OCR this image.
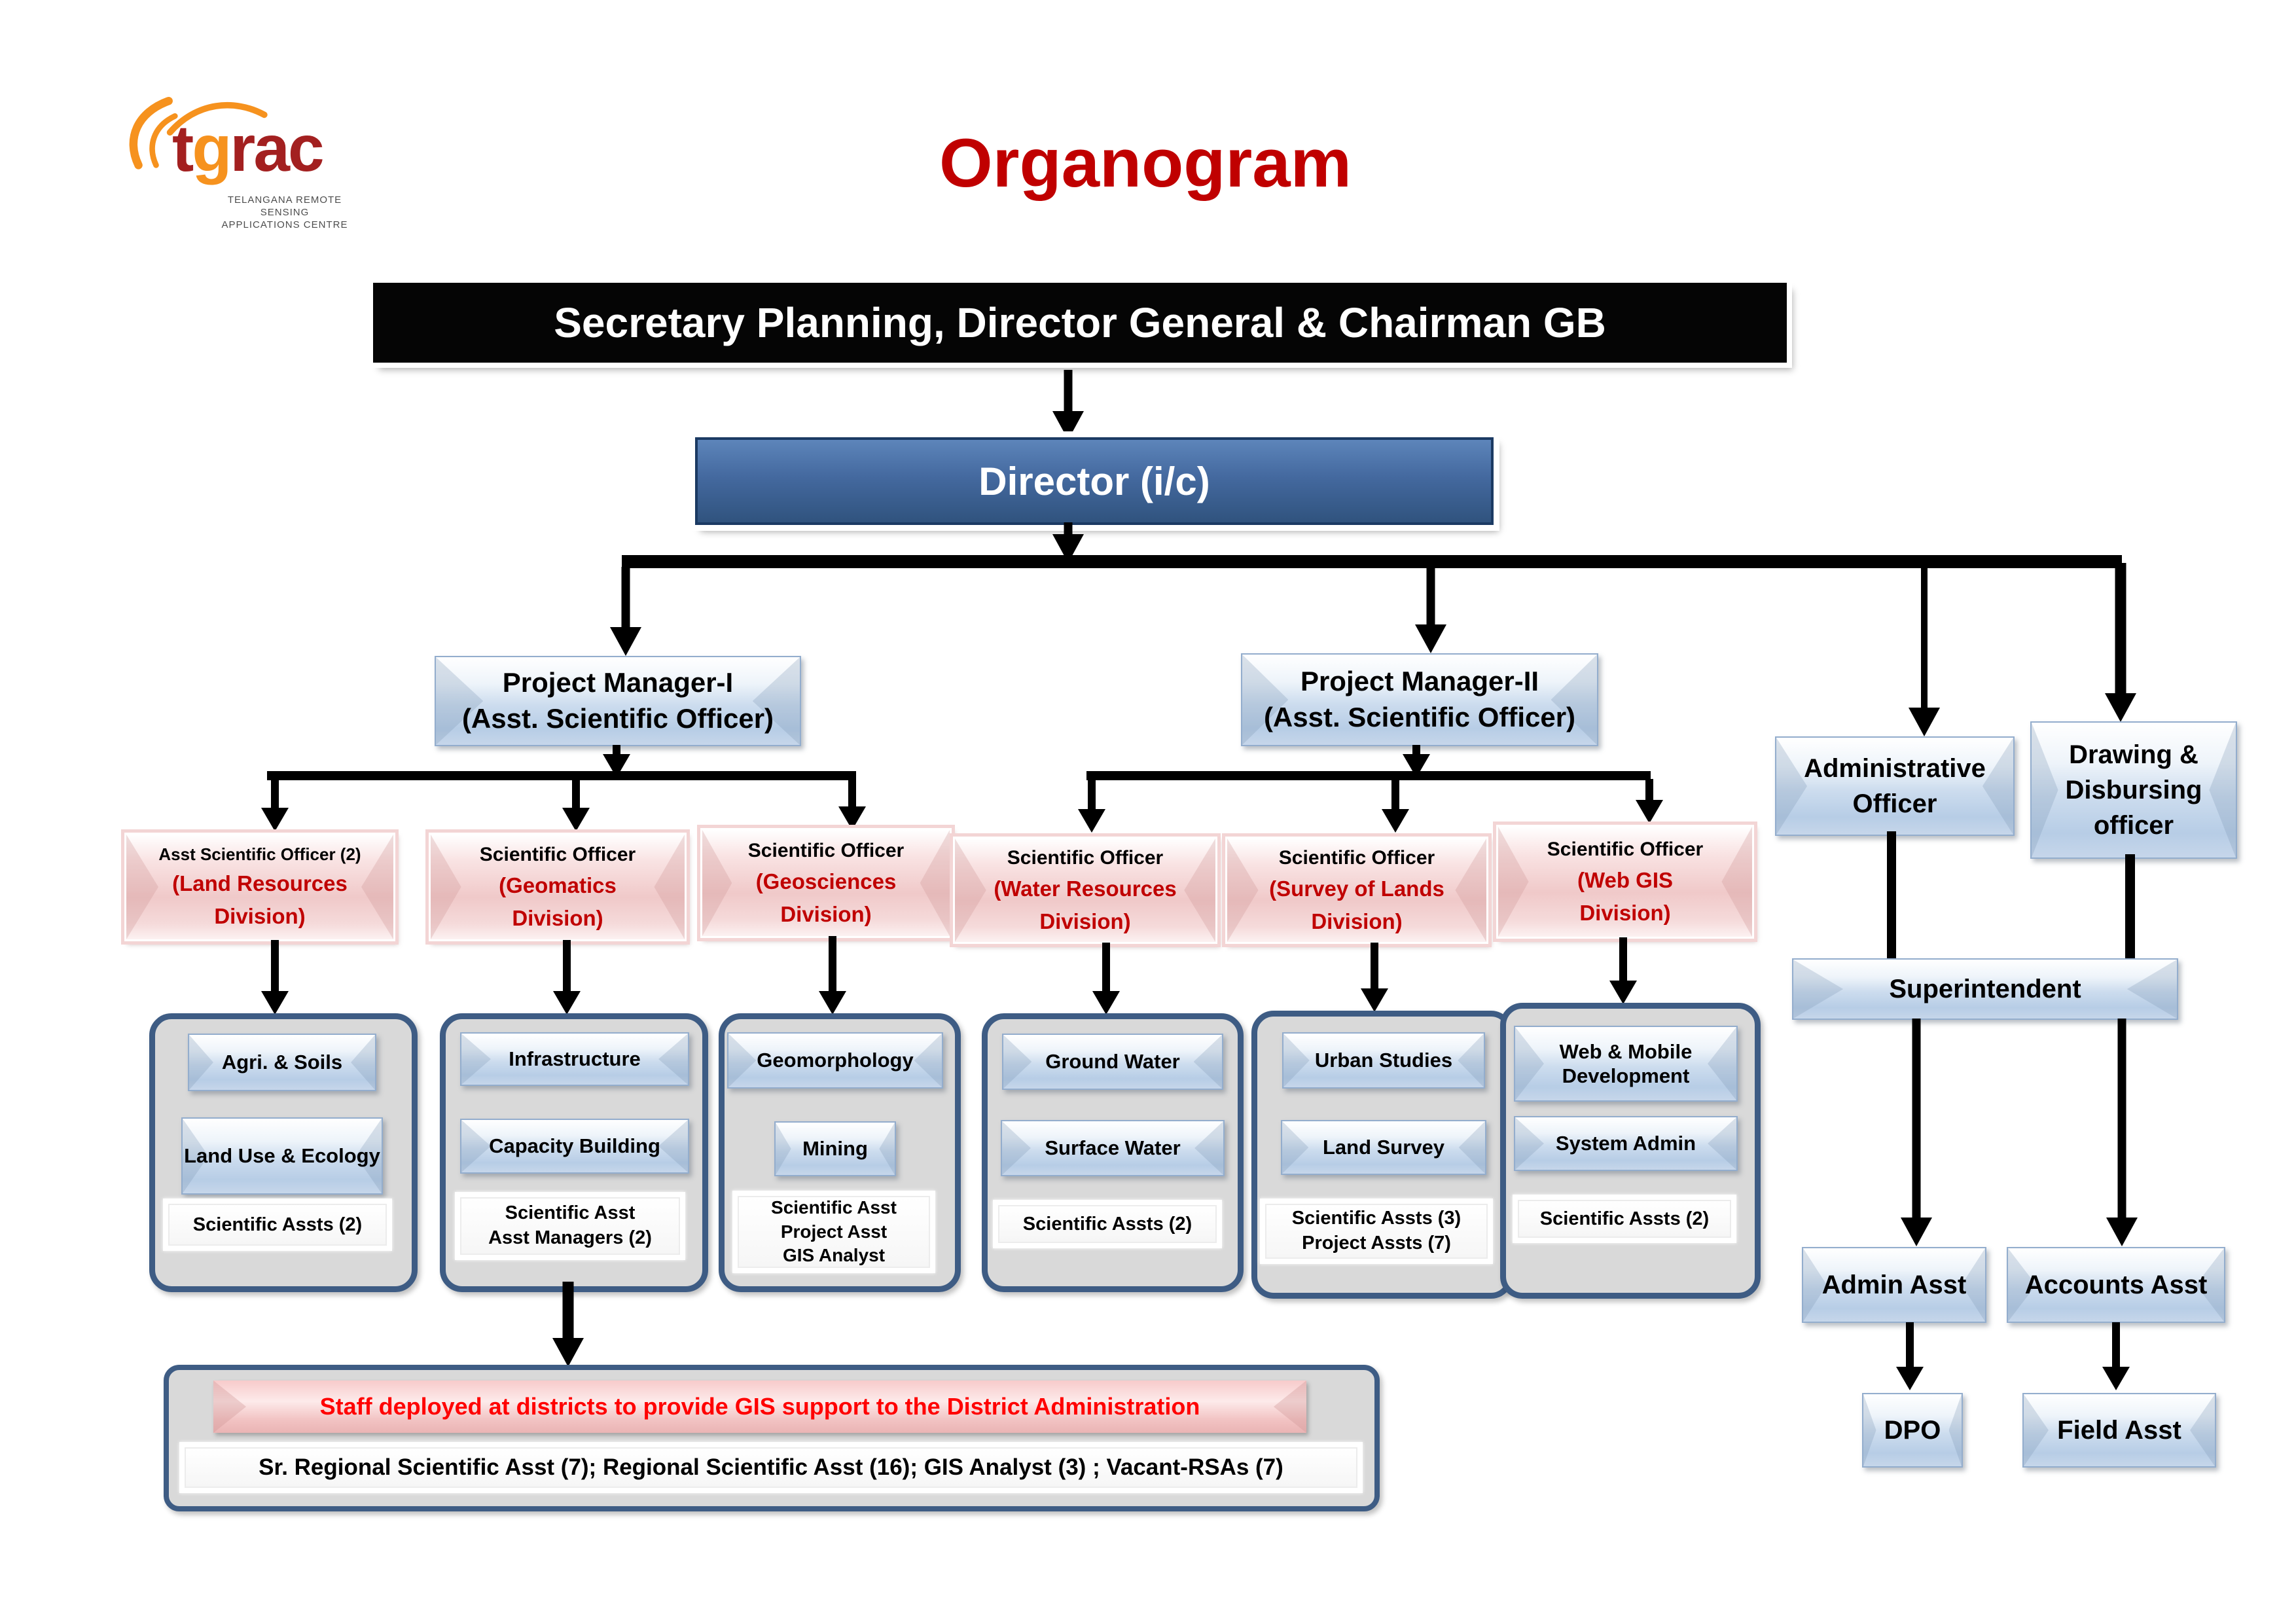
tgrac
TELANGANA REMOTE SENSING
APPLICATIONS CENTRE
Organogram
Secretary Planning, Director General & Chairman GB
Director (i/c)
Project Manager-I
(Asst. Scientific Officer)
Project Manager-II
(Asst. Scientific Officer)
Asst Scientific Officer (2)
(Land Resources
Division)
Scientific Officer
(Geomatics
Division)
Scientific Officer
(Geosciences
Division)
Scientific Officer
(Water Resources
Division)
Scientific Officer
(Survey of Lands
Division)
Scientific Officer
(Web GIS
Division)
Agri. & Soils
Land Use & Ecology
Scientific Assts (2)
Infrastructure
Capacity Building
Scientific Asst
Asst Managers (2)
Geomorphology
Mining
Scientific Asst
Project Asst
GIS Analyst
Ground Water
Surface Water
Scientific Assts (2)
Urban Studies
Land Survey
Scientific Assts (3)
Project Assts (7)
Web & Mobile Development
System Admin
Scientific Assts (2)
Staff deployed at districts to provide GIS support to the District Administration
Sr. Regional Scientific Asst (7); Regional Scientific Asst (16); GIS Analyst (3) ; Vacant-RSAs (7)
Administrative
Officer
Drawing &
Disbursing
officer
Superintendent
Admin Asst Accounts Asst
DPO	Field Asst
